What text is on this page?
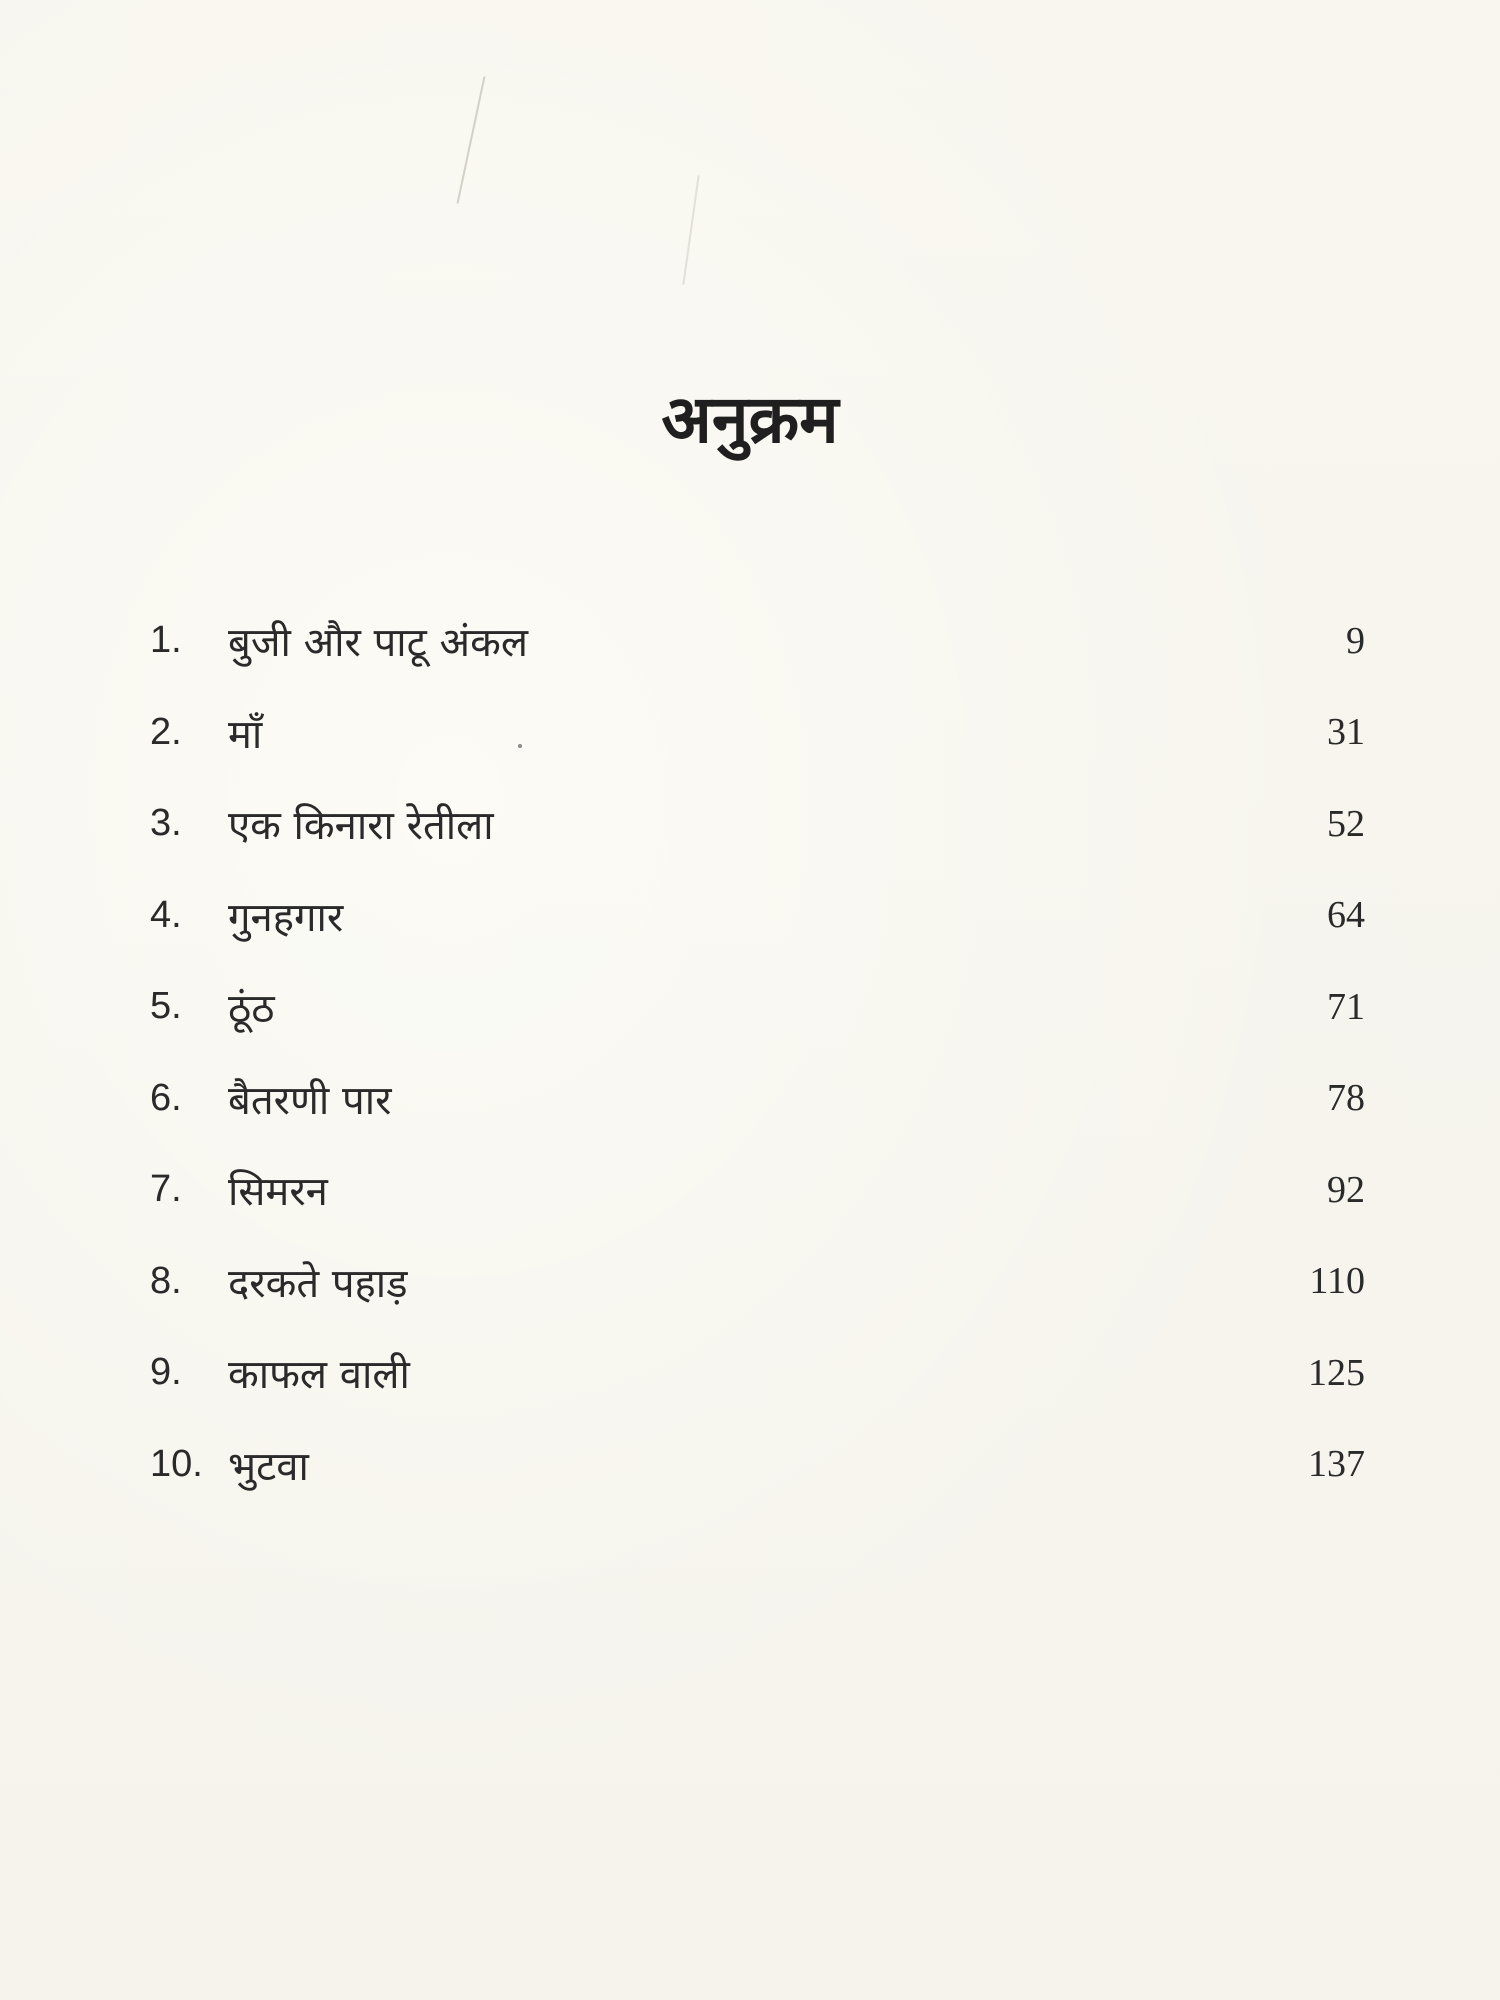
अनुक्रम
1.	बुजी और पाटू अंकल	9
2.	माँ	31
3.	एक किनारा रेतीला	52
4.	गुनहगार	64
5.	ठूंठ	71
6.	बैतरणी पार	78
7.	सिमरन	92
8.	दरकते पहाड़	110
9.	काफल वाली	125
10. भुटवा	137
